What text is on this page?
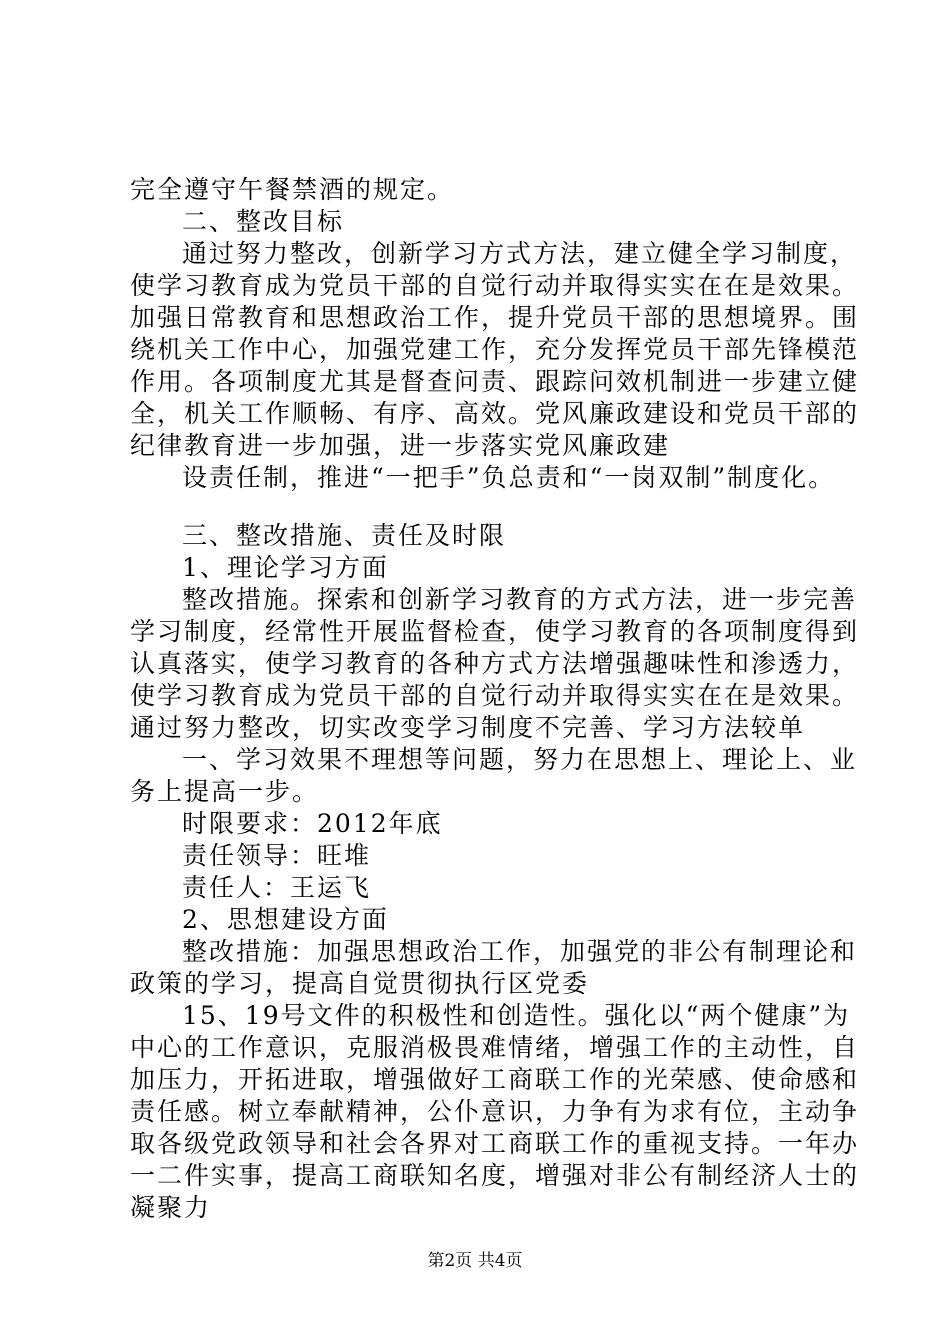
完全遵守午餐禁酒的规定。
二、整改目标
通过努力整改，创新学习方式方法，建立健全学习制度，
使学习教育成为党员干部的自觉行动并取得实实在在是效果。
加强日常教育和思想政治工作，提升党员干部的思想境界。围
绕机关工作中心，加强党建工作，充分发挥党员干部先锋模范
作用。各项制度尤其是督查问责、跟踪问效机制进一步建立健
全，机关工作顺畅、有序、高效。党风廉政建设和党员干部的
纪律教育进一步加强，进一步落实党风廉政建
设责任制，推进“一把手”负总责和“一岗双制”制度化。
三、整改措施、责任及时限
1、理论学习方面
整改措施。探索和创新学习教育的方式方法，进一步完善
学习制度，经常性开展监督检查，使学习教育的各项制度得到
认真落实，使学习教育的各种方式方法增强趣味性和渗透力，
使学习教育成为党员干部的自觉行动并取得实实在在是效果。
通过努力整改，切实改变学习制度不完善、学习方法较单
一、学习效果不理想等问题，努力在思想上、理论上、业
务上提高一步。
时限要求：2012年底
责任领导：旺堆
责任人：王运飞
2、思想建设方面
整改措施：加强思想政治工作，加强党的非公有制理论和
政策的学习，提高自觉贯彻执行区党委
15、19号文件的积极性和创造性。强化以“两个健康”为
中心的工作意识，克服消极畏难情绪，增强工作的主动性，自
加压力，开拓进取，增强做好工商联工作的光荣感、使命感和
责任感。树立奉献精神，公仆意识，力争有为求有位，主动争
取各级党政领导和社会各界对工商联工作的重视支持。一年办
一二件实事，提高工商联知名度，增强对非公有制经济人士的
凝聚力
第2页 共4页
